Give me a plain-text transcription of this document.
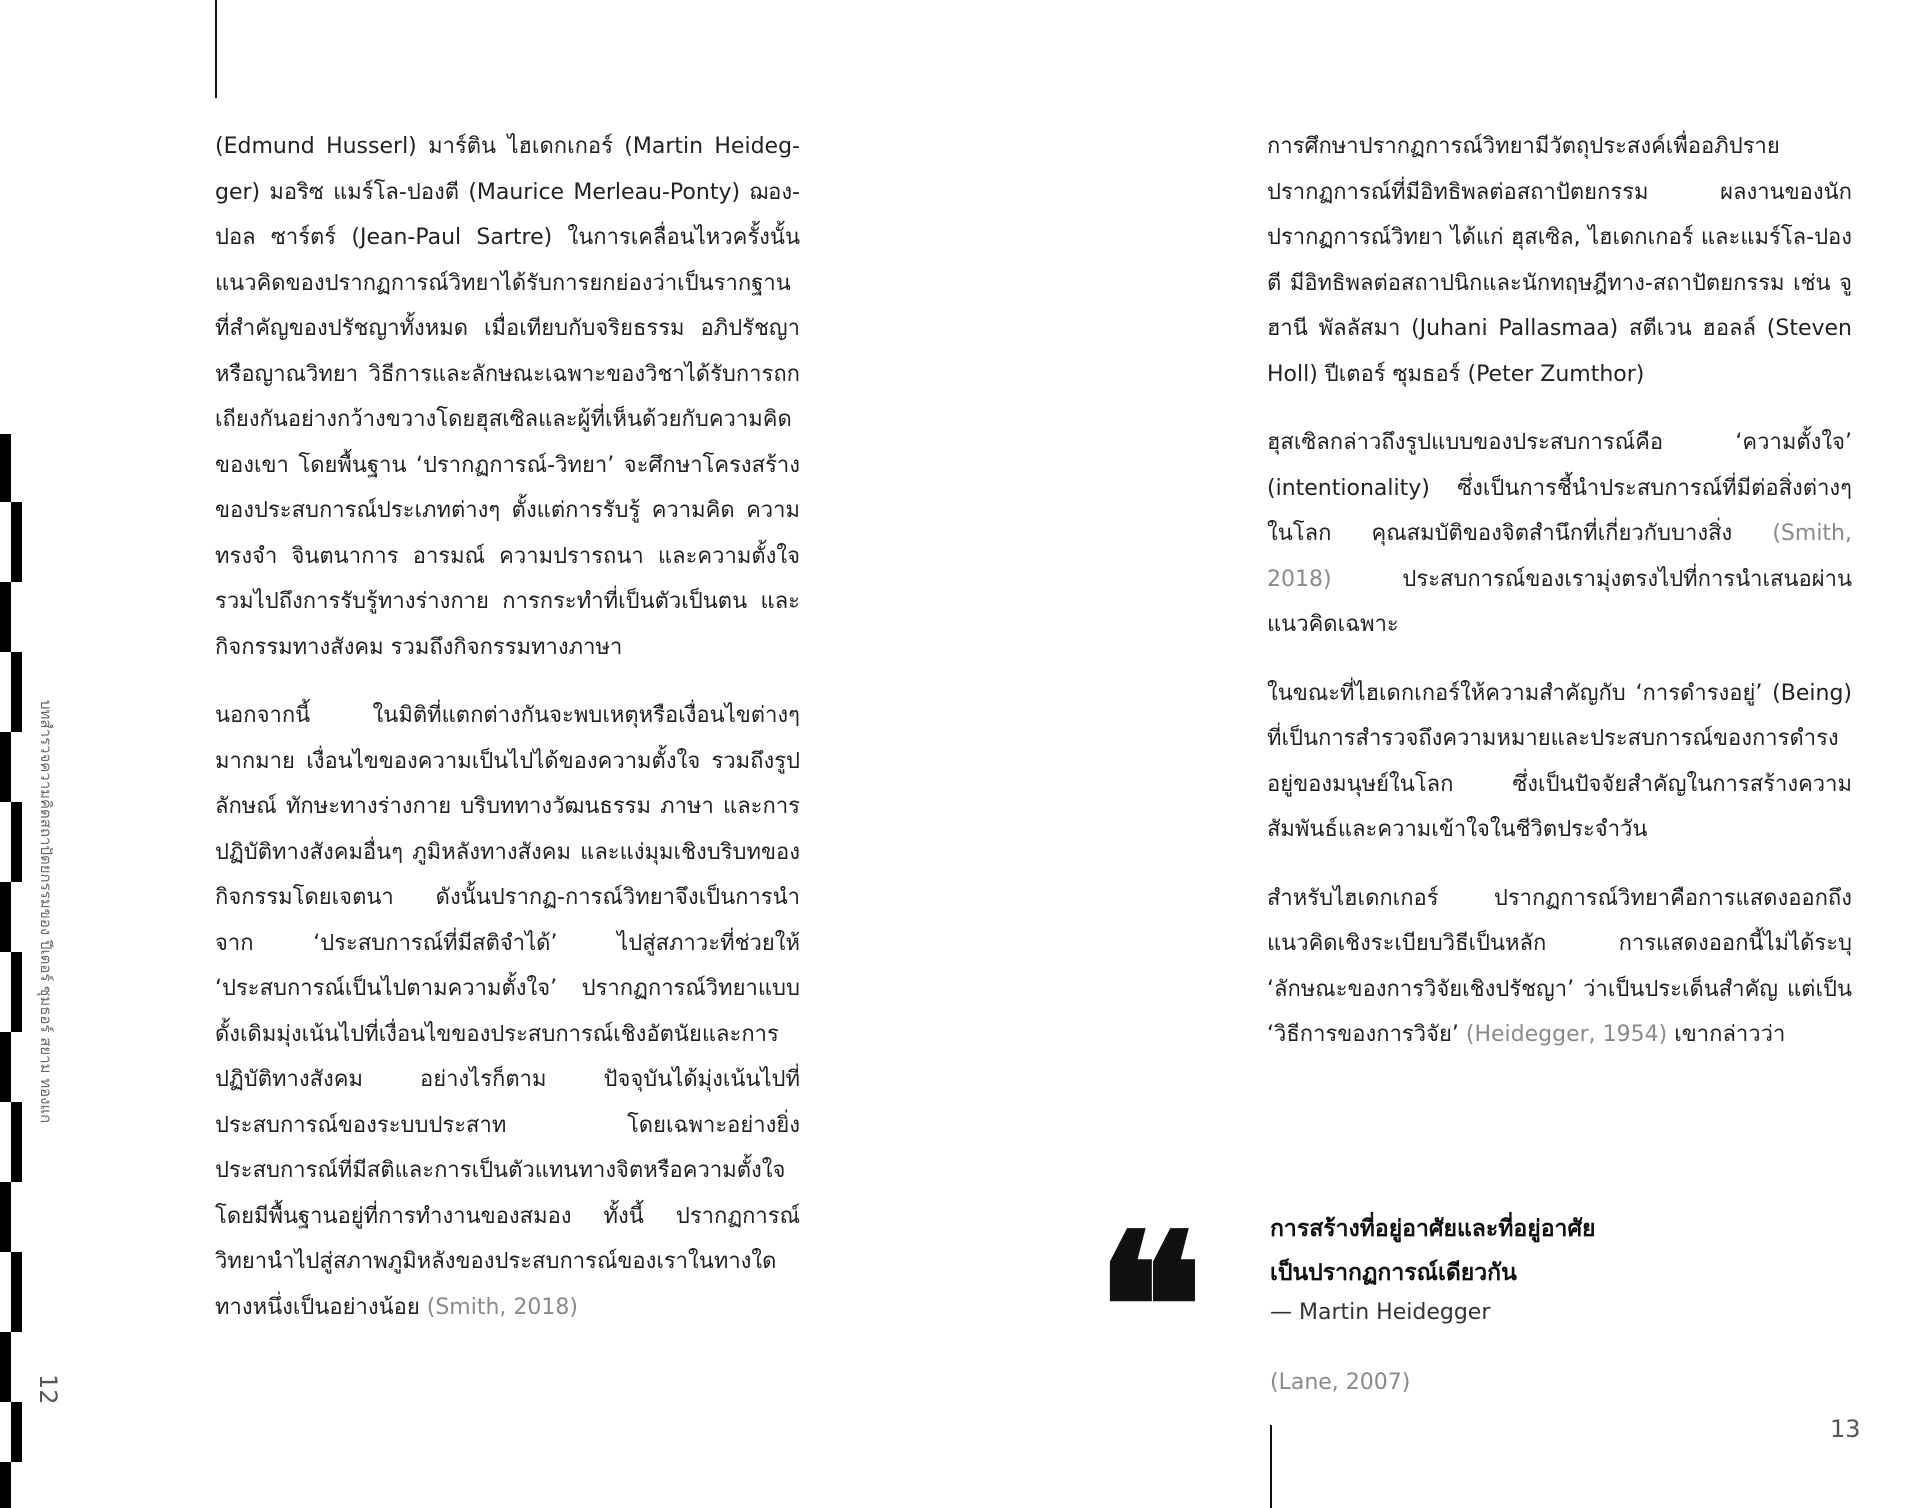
บทสำรวจความคิดสถาปัตยกรรมของ ปีเตอร์ ซุมธอร์ สยาม ทองแก
12

(Edmund Husserl) มาร์ติน ไฮเดกเกอร์ (Martin Heidegger) มอริซ แมร์โล-ปองตี (Maurice Merleau-Ponty) ฌอง-ปอล ซาร์ตร์ (Jean-Paul Sartre) ในการเคลื่อนไหวครั้งนั้น แนวคิดของปรากฏการณ์วิทยาได้รับการยกย่องว่าเป็นรากฐานที่สำคัญของปรัชญาทั้งหมด เมื่อเทียบกับจริยธรรม อภิปรัชญา หรือญาณวิทยา วิธีการและลักษณะเฉพาะของวิชาได้รับการถกเถียงกันอย่างกว้างขวางโดยฮุสเซิลและผู้ที่เห็นด้วยกับความคิดของเขา โดยพื้นฐาน ‘ปรากฏการณ์-วิทยา’ จะศึกษาโครงสร้างของประสบการณ์ประเภทต่างๆ ตั้งแต่การรับรู้ ความคิด ความทรงจำ จินตนาการ อารมณ์ ความปรารถนา และความตั้งใจ รวมไปถึงการรับรู้ทางร่างกาย การกระทำที่เป็นตัวเป็นตน และกิจกรรมทางสังคม รวมถึงกิจกรรมทางภาษา

นอกจากนี้ ในมิติที่แตกต่างกันจะพบเหตุหรือเงื่อนไขต่างๆ มากมาย เงื่อนไขของความเป็นไปได้ของความตั้งใจ รวมถึงรูปลักษณ์ ทักษะทางร่างกาย บริบททางวัฒนธรรม ภาษา และการปฏิบัติทางสังคมอื่นๆ ภูมิหลังทางสังคม และแง่มุมเชิงบริบทของกิจกรรมโดยเจตนา ดังนั้นปรากฏ-การณ์วิทยาจึงเป็นการนำจาก ‘ประสบการณ์ที่มีสติจำได้’ ไปสู่สภาวะที่ช่วยให้ ‘ประสบการณ์เป็นไปตามความตั้งใจ’ ปรากฏการณ์วิทยาแบบดั้งเดิมมุ่งเน้นไปที่เงื่อนไขของประสบการณ์เชิงอัตนัยและการปฏิบัติทางสังคม อย่างไรก็ตาม ปัจจุบันได้มุ่งเน้นไปที่ประสบการณ์ของระบบประสาท โดยเฉพาะอย่างยิ่งประสบการณ์ที่มีสติและการเป็นตัวแทนทางจิตหรือความตั้งใจ โดยมีพื้นฐานอยู่ที่การทำงานของสมอง ทั้งนี้ ปรากฏการณ์วิทยานำไปสู่สภาพภูมิหลังของประสบการณ์ของเราในทางใดทางหนึ่งเป็นอย่างน้อย (Smith, 2018)

การศึกษาปรากฏการณ์วิทยามีวัตถุประสงค์เพื่ออภิปรายปรากฏการณ์ที่มีอิทธิพลต่อสถาปัตยกรรม ผลงานของนักปรากฏการณ์วิทยา ได้แก่ ฮุสเซิล, ไฮเดกเกอร์ และแมร์โล-ปองตี มีอิทธิพลต่อสถาปนิกและนักทฤษฎีทาง-สถาปัตยกรรม เช่น จูฮานี พัลลัสมา (Juhani Pallasmaa) สตีเวน ฮอลล์ (Steven Holl) ปีเตอร์ ซุมธอร์ (Peter Zumthor)

ฮุสเซิลกล่าวถึงรูปแบบของประสบการณ์คือ ‘ความตั้งใจ’ (intentionality) ซึ่งเป็นการชี้นำประสบการณ์ที่มีต่อสิ่งต่างๆ ในโลก คุณสมบัติของจิตสำนึกที่เกี่ยวกับบางสิ่ง (Smith, 2018) ประสบการณ์ของเรามุ่งตรงไปที่การนำเสนอผ่านแนวคิดเฉพาะ

ในขณะที่ไฮเดกเกอร์ให้ความสำคัญกับ ‘การดำรงอยู่’ (Being) ที่เป็นการสำรวจถึงความหมายและประสบการณ์ของการดำรงอยู่ของมนุษย์ในโลก ซึ่งเป็นปัจจัยสำคัญในการสร้างความสัมพันธ์และความเข้าใจในชีวิตประจำวัน

สำหรับไฮเดกเกอร์ ปรากฏการณ์วิทยาคือการแสดงออกถึงแนวคิดเชิงระเบียบวิธีเป็นหลัก การแสดงออกนี้ไม่ได้ระบุ ‘ลักษณะของการวิจัยเชิงปรัชญา’ ว่าเป็นประเด็นสำคัญ แต่เป็น ‘วิธีการของการวิจัย’ (Heidegger, 1954) เขากล่าวว่า

❝	การสร้างที่อยู่อาศัยและที่อยู่อาศัย
เป็นปรากฏการณ์เดียวกัน
— Martin Heidegger
(Lane, 2007)
13
